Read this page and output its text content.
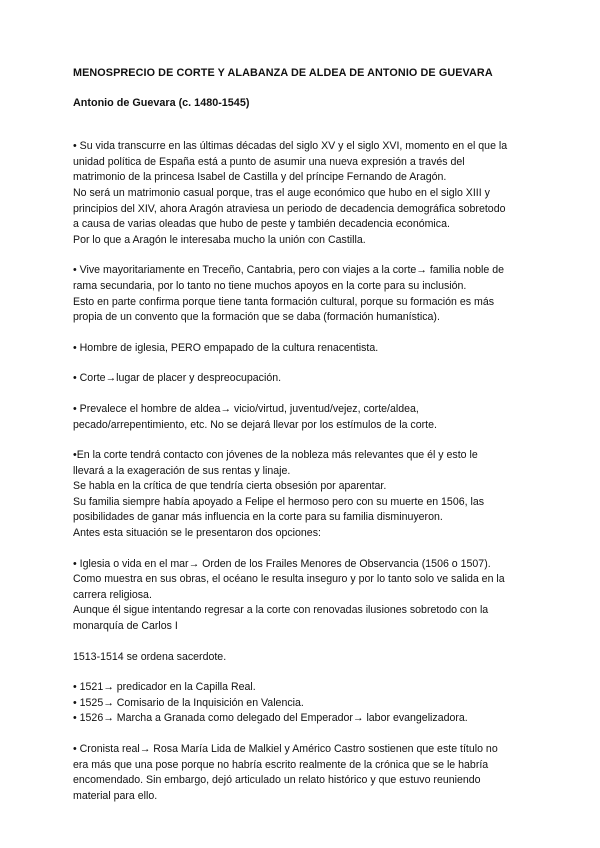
MENOSPRECIO DE CORTE Y ALABANZA DE ALDEA DE ANTONIO DE GUEVARA
Antonio de Guevara (c. 1480-1545)
• Su vida transcurre en las últimas décadas del siglo XV y el siglo XVI, momento en el que la
unidad política de España está a punto de asumir una nueva expresión a través del
matrimonio de la princesa Isabel de Castilla y del príncipe Fernando de Aragón.
No será un matrimonio casual porque, tras el auge económico que hubo en el siglo XIII y
principios del XIV, ahora Aragón atraviesa un periodo de decadencia demográfica sobretodo
a causa de varias oleadas que hubo de peste y también decadencia económica.
Por lo que a Aragón le interesaba mucho la unión con Castilla.
• Vive mayoritariamente en Treceño, Cantabria, pero con viajes a la corte→ familia noble de
rama secundaria, por lo tanto no tiene muchos apoyos en la corte para su inclusión.
Esto en parte confirma porque tiene tanta formación cultural, porque su formación es más
propia de un convento que la formación que se daba (formación humanística).
• Hombre de iglesia, PERO empapado de la cultura renacentista.
• Corte→lugar de placer y despreocupación.
• Prevalece el hombre de aldea→ vicio/virtud, juventud/vejez, corte/aldea,
pecado/arrepentimiento, etc. No se dejará llevar por los estímulos de la corte.
•En la corte tendrá contacto con jóvenes de la nobleza más relevantes que él y esto le
llevará a la exageración de sus rentas y linaje.
Se habla en la crítica de que tendría cierta obsesión por aparentar.
Su familia siempre había apoyado a Felipe el hermoso pero con su muerte en 1506, las
posibilidades de ganar más influencia en la corte para su familia disminuyeron.
Antes esta situación se le presentaron dos opciones:
• Iglesia o vida en el mar→ Orden de los Frailes Menores de Observancia (1506 o 1507).
Como muestra en sus obras, el océano le resulta inseguro y por lo tanto solo ve salida en la
carrera religiosa.
Aunque él sigue intentando regresar a la corte con renovadas ilusiones sobretodo con la
monarquía de Carlos I
1513-1514 se ordena sacerdote.
• 1521→ predicador en la Capilla Real.
• 1525→ Comisario de la Inquisición en Valencia.
• 1526→ Marcha a Granada como delegado del Emperador→ labor evangelizadora.
• Cronista real→ Rosa María Lida de Malkiel y Américo Castro sostienen que este título no
era más que una pose porque no habría escrito realmente de la crónica que se le habría
encomendado. Sin embargo, dejó articulado un relato histórico y que estuvo reuniendo
material para ello.
